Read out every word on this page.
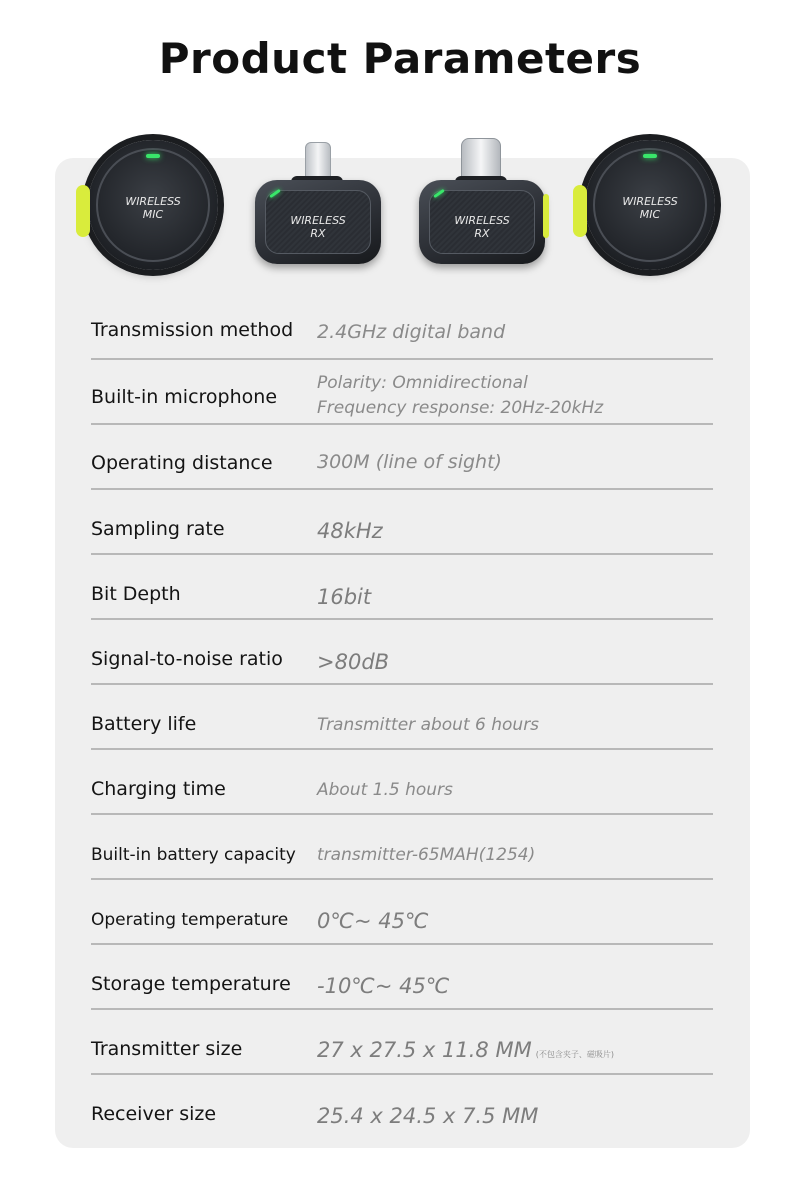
Product Parameters
WIRELESS
MIC	WIRELESS
RX
WIRELESS
RX
WIRELESS
MIC
Transmission method 2.4GHz digital band
Built-in microphone
Polarity: Omnidirectional
Frequency response: 20Hz-20kHz
Operating distance 300M (line of sight)
Sampling rate	48kHz
Bit Depth	16bit
Signal-to-noise ratio >80dB
Battery life	Transmitter about 6 hours
Charging time	About 1.5 hours
Built-in battery capacity transmitter-65MAH(1254)
Operating temperature 0℃~ 45℃
Storage temperature -10℃~ 45℃
Transmitter size	27 x 27.5 x 11.8 MM (不包含夹子、磁吸片)
Receiver size	25.4 x 24.5 x 7.5 MM
